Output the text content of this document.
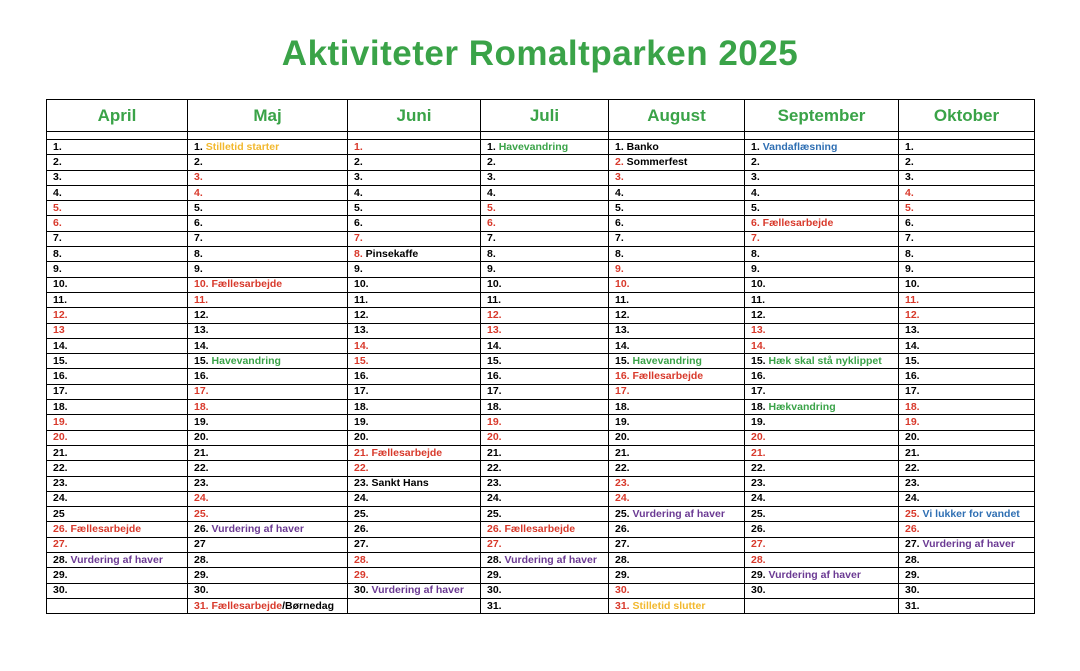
Aktiviteter Romaltparken 2025
April	Maj	Juni	Juli	August	September	Oktober

1.	1. Stilletid starter	1.	1. Havevandring	1. Banko	1. Vandaflæsning	1.
2.	2.	2.	2.	2. Sommerfest	2.	2.
3.	3.	3.	3.	3.	3.	3.
4.	4.	4.	4.	4.	4.	4.
5.	5.	5.	5.	5.	5.	5.
6.	6.	6.	6.	6.	6. Fællesarbejde	6.
7.	7.	7.	7.	7.	7.	7.
8.	8.	8. Pinsekaffe	8.	8.	8.	8.
9.	9.	9.	9.	9.	9.	9.
10.	10. Fællesarbejde	10.	10.	10.	10.	10.
11.	11.	11.	11.	11.	11.	11.
12.	12.	12.	12.	12.	12.	12.
13	13.	13.	13.	13.	13.	13.
14.	14.	14.	14.	14.	14.	14.
15.	15. Havevandring	15.	15.	15. Havevandring	15. Hæk skal stå nyklippet	15.
16.	16.	16.	16.	16. Fællesarbejde	16.	16.
17.	17.	17.	17.	17.	17.	17.
18.	18.	18.	18.	18.	18. Hækvandring	18.
19.	19.	19.	19.	19.	19.	19.
20.	20.	20.	20.	20.	20.	20.
21.	21.	21. Fællesarbejde	21.	21.	21.	21.
22.	22.	22.	22.	22.	22.	22.
23.	23.	23. Sankt Hans	23.	23.	23.	23.
24.	24.	24.	24.	24.	24.	24.
25	25.	25.	25.	25. Vurdering af haver	25.	25. Vi lukker for vandet
26. Fællesarbejde	26. Vurdering af haver	26.	26. Fællesarbejde	26.	26.	26.
27.	27	27.	27.	27.	27.	27. Vurdering af haver
28. Vurdering af haver	28.	28.	28. Vurdering af haver	28.	28.	28.
29.	29.	29.	29.	29.	29. Vurdering af haver	29.
30.	30.	30. Vurdering af haver	30.	30.	30.	30.
	31. Fællesarbejde/Børnedag		31.	31. Stilletid slutter		31.
